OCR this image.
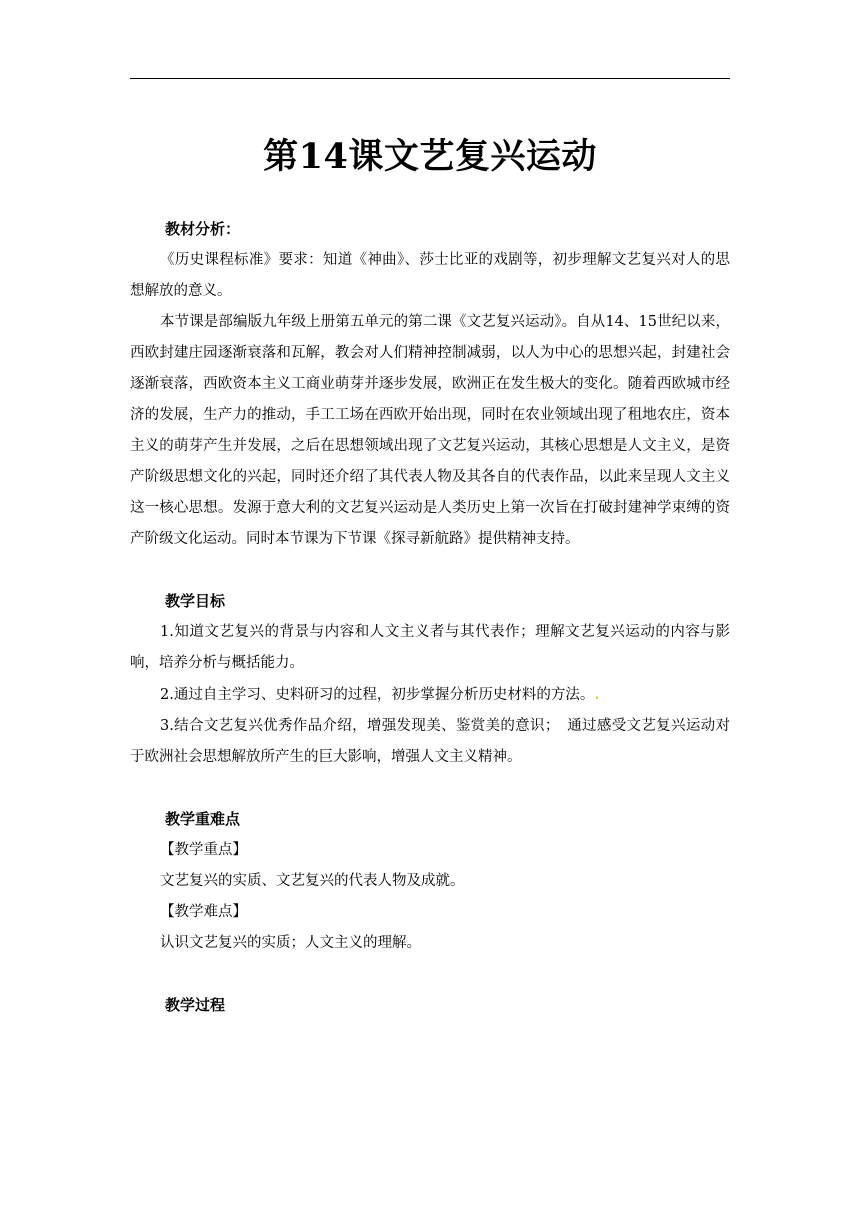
第14课文艺复兴运动

教材分析：

《历史课程标准》要求：知道《神曲》、莎士比亚的戏剧等，初步理解文艺复兴对人的思想解放的意义。

本节课是部编版九年级上册第五单元的第二课《文艺复兴运动》。自从14、15世纪以来，西欧封建庄园逐渐衰落和瓦解，教会对人们精神控制减弱，以人为中心的思想兴起，封建社会逐渐衰落，西欧资本主义工商业萌芽并逐步发展，欧洲正在发生极大的变化。随着西欧城市经济的发展，生产力的推动，手工工场在西欧开始出现，同时在农业领域出现了租地农庄，资本主义的萌芽产生并发展，之后在思想领域出现了文艺复兴运动，其核心思想是人文主义，是资产阶级思想文化的兴起，同时还介绍了其代表人物及其各自的代表作品，以此来呈现人文主义这一核心思想。发源于意大利的文艺复兴运动是人类历史上第一次旨在打破封建神学束缚的资产阶级文化运动。同时本节课为下节课《探寻新航路》提供精神支持。

教学目标

1.知道文艺复兴的背景与内容和人文主义者与其代表作；理解文艺复兴运动的内容与影响，培养分析与概括能力。

2.通过自主学习、史料研习的过程，初步掌握分析历史材料的方法。.

3.结合文艺复兴优秀作品介绍，增强发现美、鉴赏美的意识；　通过感受文艺复兴运动对于欧洲社会思想解放所产生的巨大影响，增强人文主义精神。

教学重难点

【教学重点】

文艺复兴的实质、文艺复兴的代表人物及成就。

【教学难点】

认识文艺复兴的实质；人文主义的理解。

教学过程
